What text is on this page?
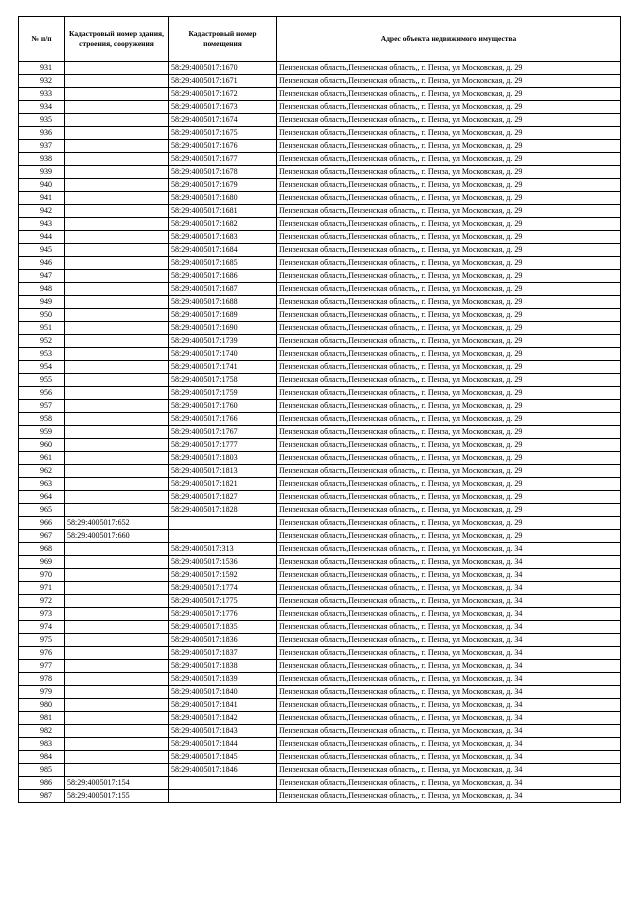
№ п/п	Кадастровый номер здания, строения, сооружения	Кадастровый номер помещения	Адрес объекта недвижимого имущества
931		58:29:4005017:1670	Пензенская область,Пензенская область,, г. Пенза, ул Московская, д. 29
932		58:29:4005017:1671	Пензенская область,Пензенская область,, г. Пенза, ул Московская, д. 29
933		58:29:4005017:1672	Пензенская область,Пензенская область,, г. Пенза, ул Московская, д. 29
934		58:29:4005017:1673	Пензенская область,Пензенская область,, г. Пенза, ул Московская, д. 29
935		58:29:4005017:1674	Пензенская область,Пензенская область,, г. Пенза, ул Московская, д. 29
936		58:29:4005017:1675	Пензенская область,Пензенская область,, г. Пенза, ул Московская, д. 29
937		58:29:4005017:1676	Пензенская область,Пензенская область,, г. Пенза, ул Московская, д. 29
938		58:29:4005017:1677	Пензенская область,Пензенская область,, г. Пенза, ул Московская, д. 29
939		58:29:4005017:1678	Пензенская область,Пензенская область,, г. Пенза, ул Московская, д. 29
940		58:29:4005017:1679	Пензенская область,Пензенская область,, г. Пенза, ул Московская, д. 29
941		58:29:4005017:1680	Пензенская область,Пензенская область,, г. Пенза, ул Московская, д. 29
942		58:29:4005017:1681	Пензенская область,Пензенская область,, г. Пенза, ул Московская, д. 29
943		58:29:4005017:1682	Пензенская область,Пензенская область,, г. Пенза, ул Московская, д. 29
944		58:29:4005017:1683	Пензенская область,Пензенская область,, г. Пенза, ул Московская, д. 29
945		58:29:4005017:1684	Пензенская область,Пензенская область,, г. Пенза, ул Московская, д. 29
946		58:29:4005017:1685	Пензенская область,Пензенская область,, г. Пенза, ул Московская, д. 29
947		58:29:4005017:1686	Пензенская область,Пензенская область,, г. Пенза, ул Московская, д. 29
948		58:29:4005017:1687	Пензенская область,Пензенская область,, г. Пенза, ул Московская, д. 29
949		58:29:4005017:1688	Пензенская область,Пензенская область,, г. Пенза, ул Московская, д. 29
950		58:29:4005017:1689	Пензенская область,Пензенская область,, г. Пенза, ул Московская, д. 29
951		58:29:4005017:1690	Пензенская область,Пензенская область,, г. Пенза, ул Московская, д. 29
952		58:29:4005017:1739	Пензенская область,Пензенская область,, г. Пенза, ул Московская, д. 29
953		58:29:4005017:1740	Пензенская область,Пензенская область,, г. Пенза, ул Московская, д. 29
954		58:29:4005017:1741	Пензенская область,Пензенская область,, г. Пенза, ул Московская, д. 29
955		58:29:4005017:1758	Пензенская область,Пензенская область,, г. Пенза, ул Московская, д. 29
956		58:29:4005017:1759	Пензенская область,Пензенская область,, г. Пенза, ул Московская, д. 29
957		58:29:4005017:1760	Пензенская область,Пензенская область,, г. Пенза, ул Московская, д. 29
958		58:29:4005017:1766	Пензенская область,Пензенская область,, г. Пенза, ул Московская, д. 29
959		58:29:4005017:1767	Пензенская область,Пензенская область,, г. Пенза, ул Московская, д. 29
960		58:29:4005017:1777	Пензенская область,Пензенская область,, г. Пенза, ул Московская, д. 29
961		58:29:4005017:1803	Пензенская область,Пензенская область,, г. Пенза, ул Московская, д. 29
962		58:29:4005017:1813	Пензенская область,Пензенская область,, г. Пенза, ул Московская, д. 29
963		58:29:4005017:1821	Пензенская область,Пензенская область,, г. Пенза, ул Московская, д. 29
964		58:29:4005017:1827	Пензенская область,Пензенская область,, г. Пенза, ул Московская, д. 29
965		58:29:4005017:1828	Пензенская область,Пензенская область,, г. Пенза, ул Московская, д. 29
966	58:29:4005017:652		Пензенская область,Пензенская область,, г. Пенза, ул Московская, д. 29
967	58:29:4005017:660		Пензенская область,Пензенская область,, г. Пенза, ул Московская, д. 29
968		58:29:4005017:313	Пензенская область,Пензенская область,, г. Пенза, ул Московская, д. 34
969		58:29:4005017:1536	Пензенская область,Пензенская область,, г. Пенза, ул Московская, д. 34
970		58:29:4005017:1592	Пензенская область,Пензенская область,, г. Пенза, ул Московская, д. 34
971		58:29:4005017:1774	Пензенская область,Пензенская область,, г. Пенза, ул Московская, д. 34
972		58:29:4005017:1775	Пензенская область,Пензенская область,, г. Пенза, ул Московская, д. 34
973		58:29:4005017:1776	Пензенская область,Пензенская область,, г. Пенза, ул Московская, д. 34
974		58:29:4005017:1835	Пензенская область,Пензенская область,, г. Пенза, ул Московская, д. 34
975		58:29:4005017:1836	Пензенская область,Пензенская область,, г. Пенза, ул Московская, д. 34
976		58:29:4005017:1837	Пензенская область,Пензенская область,, г. Пенза, ул Московская, д. 34
977		58:29:4005017:1838	Пензенская область,Пензенская область,, г. Пенза, ул Московская, д. 34
978		58:29:4005017:1839	Пензенская область,Пензенская область,, г. Пенза, ул Московская, д. 34
979		58:29:4005017:1840	Пензенская область,Пензенская область,, г. Пенза, ул Московская, д. 34
980		58:29:4005017:1841	Пензенская область,Пензенская область,, г. Пенза, ул Московская, д. 34
981		58:29:4005017:1842	Пензенская область,Пензенская область,, г. Пенза, ул Московская, д. 34
982		58:29:4005017:1843	Пензенская область,Пензенская область,, г. Пенза, ул Московская, д. 34
983		58:29:4005017:1844	Пензенская область,Пензенская область,, г. Пенза, ул Московская, д. 34
984		58:29:4005017:1845	Пензенская область,Пензенская область,, г. Пенза, ул Московская, д. 34
985		58:29:4005017:1846	Пензенская область,Пензенская область,, г. Пенза, ул Московская, д. 34
986	58:29:4005017:154		Пензенская область,Пензенская область,, г. Пенза, ул Московская, д. 34
987	58:29:4005017:155		Пензенская область,Пензенская область,, г. Пенза, ул Московская, д. 34
